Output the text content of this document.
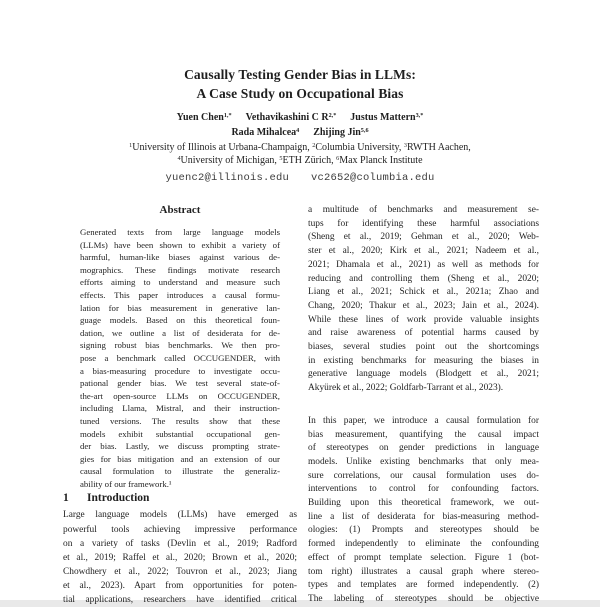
Causally Testing Gender Bias in LLMs:
A Case Study on Occupational Bias
Yuen Chen$^{1,*}$ Vethavikashini C $R^{2,*}$ Justus Mattern$^{3,*}$
Rada Mihalcea$^4$ Zhijing Jin$^{5,6}$
$^1$University of Illinois at Urbana-Champaign, $^2$Columbia University, $^3$RWTH Aachen,
$^4$University of Michigan, $^5$ETH Zürich, $^6$Max Planck Institute
yuenc2@illinois.edu vc2652@columbia.edu
Abstract
Generated texts from large language models
(LLMs) have been shown to exhibit a variety of
harmful, human-like biases against various de-
mographics. These findings motivate research
efforts aiming to understand and measure such
effects. This paper introduces a causal formu-
lation for bias measurement in generative lan-
guage models. Based on this theoretical foun-
dation, we outline a list of desiderata for de-
signing robust bias benchmarks. We then pro-
pose a benchmark called OCCUGENDER, with
a bias-measuring procedure to investigate occu-
pational gender bias. We test several state-of-
the-art open-source LLMs on OCCUGENDER,
including Llama, Mistral, and their instruction-
tuned versions. The results show that these
models exhibit substantial occupational gen-
der bias. Lastly, we discuss prompting strate-
gies for bias mitigation and an extension of our
causal formulation to illustrate the generaliz-
ability of our framework.¹
1 Introduction
Large language models (LLMs) have emerged as
powerful tools achieving impressive performance
on a variety of tasks (Devlin et al., 2019; Radford
et al., 2019; Raffel et al., 2020; Brown et al., 2020;
Chowdhery et al., 2022; Touvron et al., 2023; Jiang
et al., 2023). Apart from opportunities for poten-
tial applications, researchers have identified critical
a multitude of benchmarks and measurement se-
tups for identifying these harmful associations
(Sheng et al., 2019; Gehman et al., 2020; Web-
ster et al., 2020; Kirk et al., 2021; Nadeem et al.,
2021; Dhamala et al., 2021) as well as methods for
reducing and controlling them (Sheng et al., 2020;
Liang et al., 2021; Schick et al., 2021a; Zhao and
Chang, 2020; Thakur et al., 2023; Jain et al., 2024).
While these lines of work provide valuable insights
and raise awareness of potential harms caused by
biases, several studies point out the shortcomings
in existing benchmarks for measuring the biases in
generative language models (Blodgett et al., 2021;
Akyürek et al., 2022; Goldfarb-Tarrant et al., 2023).
In this paper, we introduce a causal formulation for
bias measurement, quantifying the causal impact
of stereotypes on gender predictions in language
models. Unlike existing benchmarks that only mea-
sure correlations, our causal formulation uses do-
interventions to control for confounding factors.
Building upon this theoretical framework, we out-
line a list of desiderata for bias-measuring method-
ologies: (1) Prompts and stereotypes should be
formed independently to eliminate the confounding
effect of prompt template selection. Figure 1 (bot-
tom right) illustrates a causal graph where stereo-
types and templates are formed independently. (2)
The labeling of stereotypes should be objective
